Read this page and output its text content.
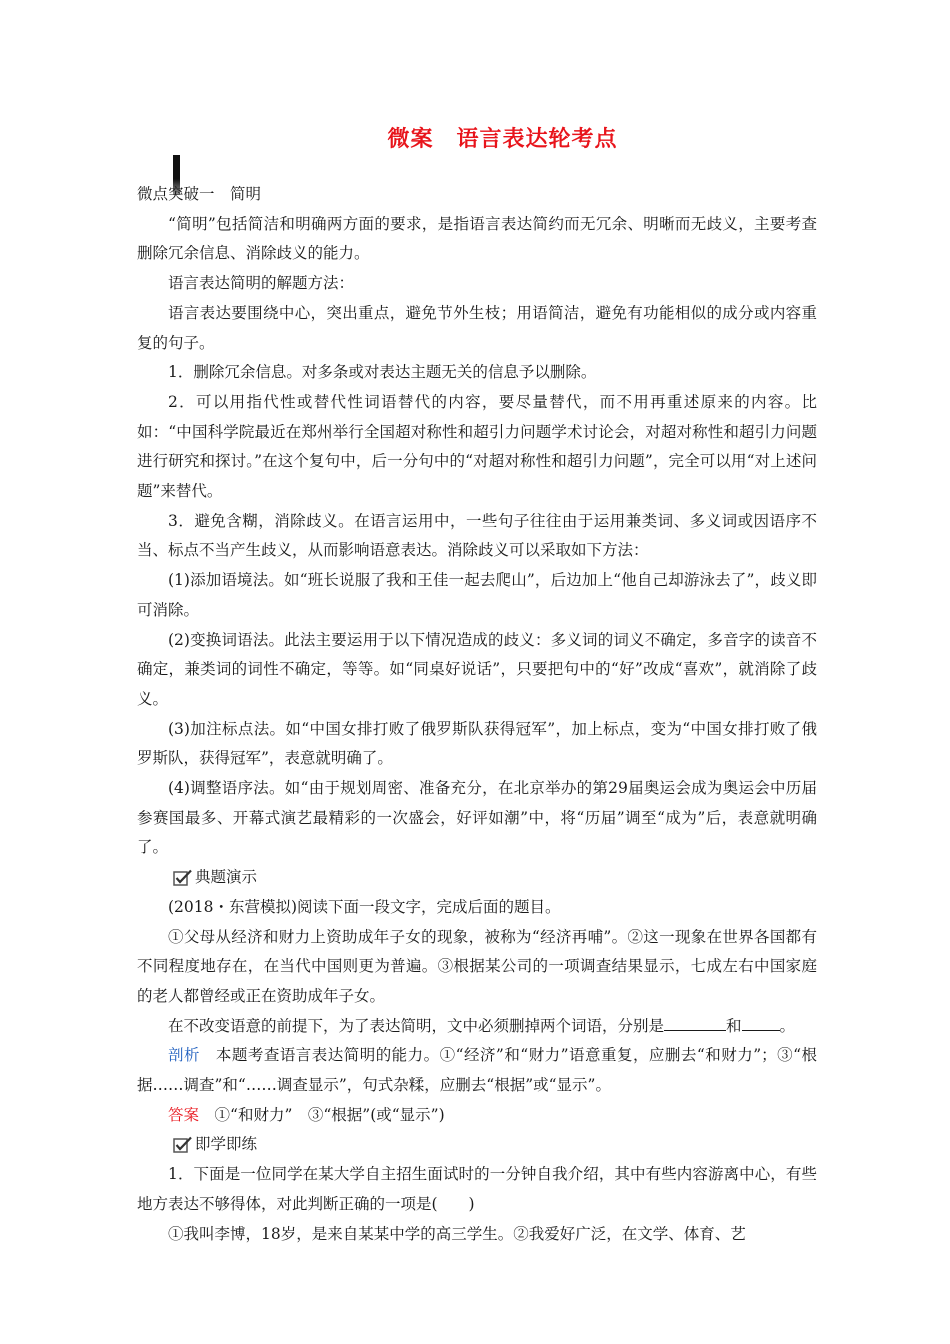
微案　语言表达轮考点
微点突破一　简明

“简明”包括简洁和明确两方面的要求，是指语言表达简约而无冗余、明晰而无歧义，主要考查删除冗余信息、消除歧义的能力。

语言表达简明的解题方法：

语言表达要围绕中心，突出重点，避免节外生枝；用语简洁，避免有功能相似的成分或内容重复的句子。

1．删除冗余信息。对多条或对表达主题无关的信息予以删除。

2．可以用指代性或替代性词语替代的内容，要尽量替代，而不用再重述原来的内容。比如：“中国科学院最近在郑州举行全国超对称性和超引力问题学术讨论会，对超对称性和超引力问题进行研究和探讨。”在这个复句中，后一分句中的“对超对称性和超引力问题”，完全可以用“对上述问题”来替代。

3．避免含糊，消除歧义。在语言运用中，一些句子往往由于运用兼类词、多义词或因语序不当、标点不当产生歧义，从而影响语意表达。消除歧义可以采取如下方法：

(1)添加语境法。如“班长说服了我和王佳一起去爬山”，后边加上“他自己却游泳去了”，歧义即可消除。

(2)变换词语法。此法主要运用于以下情况造成的歧义：多义词的词义不确定，多音字的读音不确定，兼类词的词性不确定，等等。如“同桌好说话”，只要把句中的“好”改成“喜欢”，就消除了歧义。

(3)加注标点法。如“中国女排打败了俄罗斯队获得冠军”，加上标点，变为“中国女排打败了俄罗斯队，获得冠军”，表意就明确了。

(4)调整语序法。如“由于规划周密、准备充分，在北京举办的第29届奥运会成为奥运会中历届参赛国最多、开幕式演艺最精彩的一次盛会，好评如潮”中，将“历届”调至“成为”后，表意就明确了。

典题演示

(2018・东营模拟)阅读下面一段文字，完成后面的题目。

①父母从经济和财力上资助成年子女的现象，被称为“经济再哺”。②这一现象在世界各国都有不同程度地存在，在当代中国则更为普遍。③根据某公司的一项调查结果显示，七成左右中国家庭的老人都曾经或正在资助成年子女。

在不改变语意的前提下，为了表达简明，文中必须删掉两个词语，分别是	和 。

剖析　本题考查语言表达简明的能力。①“经济”和“财力”语意重复，应删去“和财力”；③“根据……调查”和“……调查显示”，句式杂糅，应删去“根据”或“显示”。

答案　①“和财力”　③“根据”(或“显示”)

即学即练

1．下面是一位同学在某大学自主招生面试时的一分钟自我介绍，其中有些内容游离中心，有些地方表达不够得体，对此判断正确的一项是(　　)

①我叫李博，18岁，是来自某某中学的高三学生。②我爱好广泛，在文学、体育、艺
